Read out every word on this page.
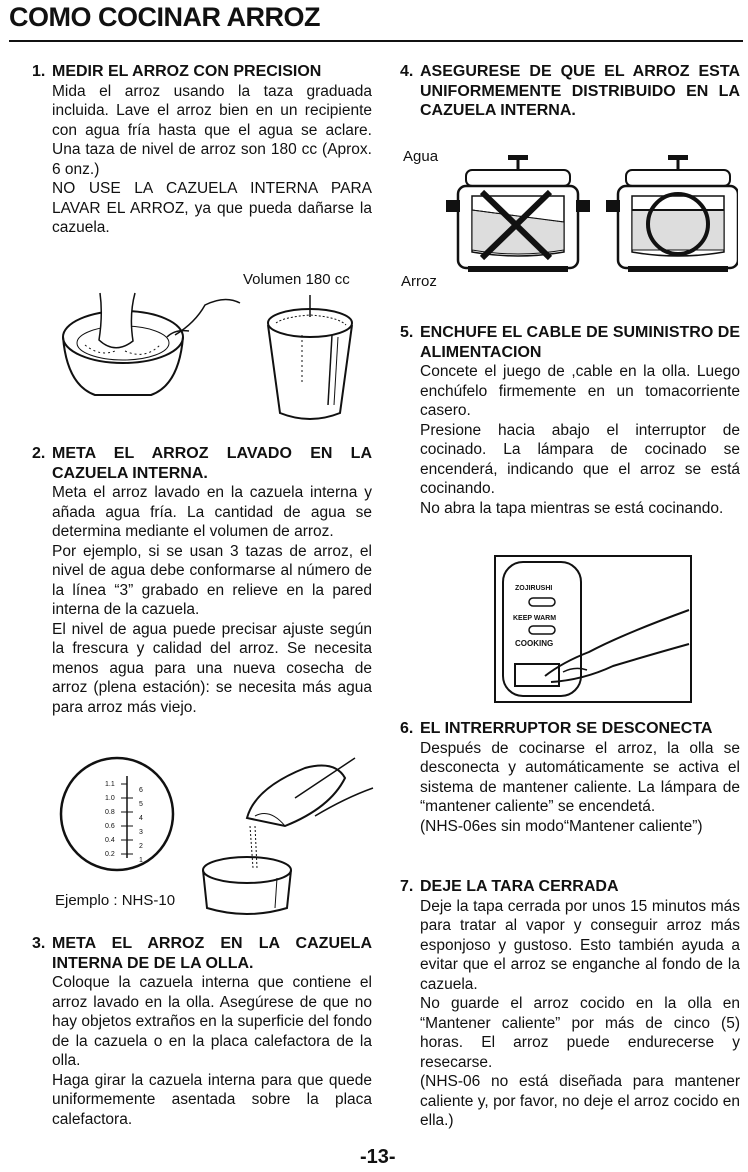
COMO COCINAR ARROZ
1. MEDIR EL ARROZ CON PRECISION

Mida el arroz usando la taza graduada incluida. Lave el arroz bien en un recipiente con agua fría hasta que el agua se aclare. Una taza de nivel de arroz son 180 cc (Aprox. 6 onz.)

NO USE LA CAZUELA INTERNA PARA LAVAR EL ARROZ, ya que pueda dañarse la cazuela.

Volumen 180 cc
2. META EL ARROZ LAVADO EN LA CAZUELA INTERNA.

Meta el arroz lavado en la cazuela interna y añada agua fría. La cantidad de agua se determina mediante el volumen de arroz.

Por ejemplo, si se usan 3 tazas de arroz, el nivel de agua debe conformarse al número de la línea “3” grabado en relieve en la pared interna de la cazuela.

El nivel de agua puede precisar ajuste según la frescura y calidad del arroz. Se necesita menos agua para una nueva cosecha de arroz (plena estación): se necesita más agua para arroz más viejo.

1.1
1.0
0.8
0.6
0.4
0.2
6
5
4
3
2
1
Ejemplo : NHS-10
3. META EL ARROZ EN LA CAZUELA INTERNA DE DE LA OLLA.

Coloque la cazuela interna que contiene el arroz lavado en la olla. Asegúrese de que no hay objetos extraños en la superficie del fondo de la cazuela o en la placa calefactora de la olla.

Haga girar la cazuela interna para que quede uniformemente asentada sobre la placa calefactora.

4. ASEGURESE DE QUE EL ARROZ ESTA UNIFORMEMENTE DISTRIBUIDO EN LA CAZUELA INTERNA.
Agua
Arroz
5. ENCHUFE EL CABLE DE SUMINISTRO DE ALIMENTACION

Concete el juego de ,cable en la olla. Luego enchúfelo firmemente en un tomacorriente casero.

Presione hacia abajo el interruptor de cocinado. La lámpara de cocinado se encenderá, indicando que el arroz se está cocinando.

No abra la tapa mientras se está cocinando.

ZOJIRUSHI
KEEP WARM
COOKING
6. EL INTRERRUPTOR SE DESCONECTA

Después de cocinarse el arroz, la olla se desconecta y automáticamente se activa el sistema de mantener caliente. La lámpara de “mantener caliente” se encendetá.

(NHS-06es sin modo“Mantener caliente”)

7. DEJE LA TARA CERRADA

Deje la tapa cerrada por unos 15 minutos más para tratar al vapor y conseguir arroz más esponjoso y gustoso. Esto también ayuda a evitar que el arroz se enganche al fondo de la cazuela.

No guarde el arroz cocido en la olla en “Mantener caliente” por más de cinco (5) horas. El arroz puede endurecerse y resecarse.

(NHS-06 no está diseñada para mantener caliente y, por favor, no deje el arroz cocido en ella.)

-13-
